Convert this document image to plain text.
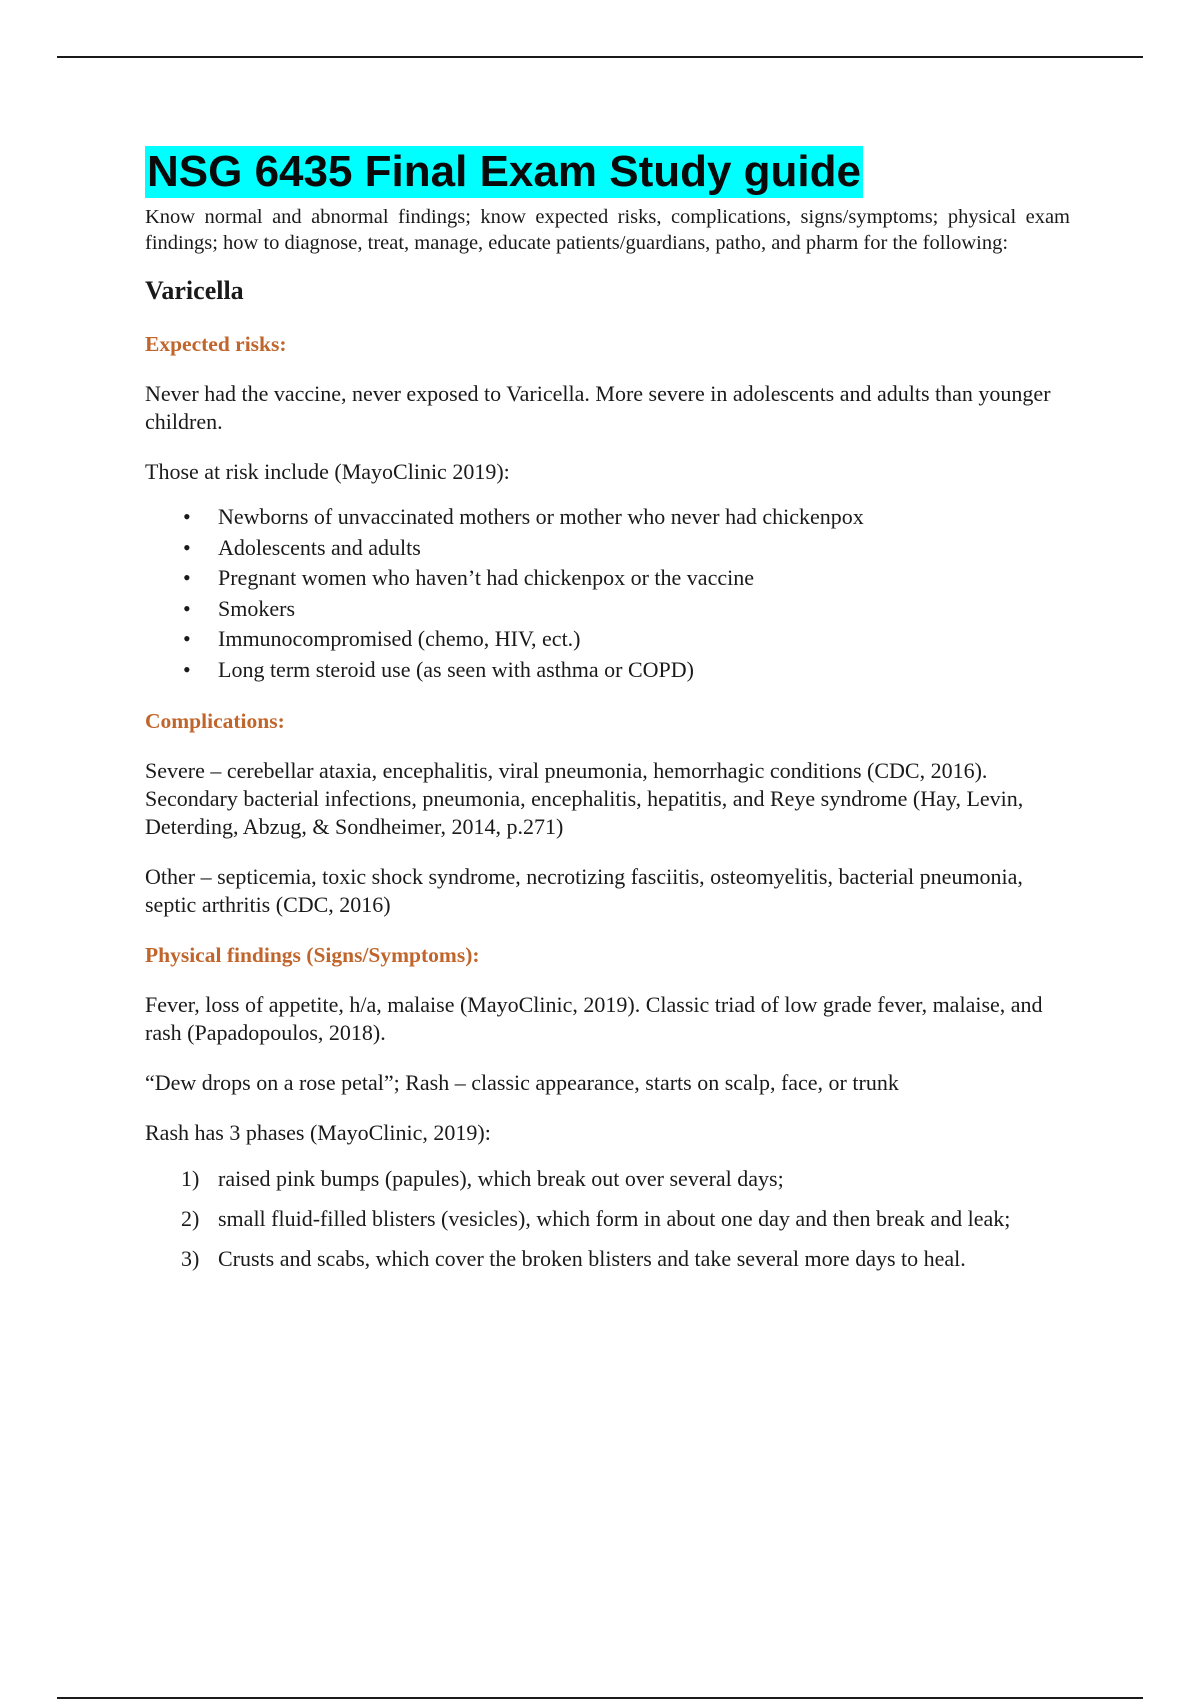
NSG 6435 Final Exam Study guide

Know normal and abnormal findings; know expected risks, complications, signs/symptoms; physical exam findings; how to diagnose, treat, manage, educate patients/guardians, patho, and pharm for the following:

Varicella
Expected risks:

Never had the vaccine, never exposed to Varicella. More severe in adolescents and adults than younger children.

Those at risk include (MayoClinic 2019):

• Newborns of unvaccinated mothers or mother who never had chickenpox
• Adolescents and adults
• Pregnant women who haven’t had chickenpox or the vaccine
• Smokers
• Immunocompromised (chemo, HIV, ect.)
• Long term steroid use (as seen with asthma or COPD)
Complications:

Severe – cerebellar ataxia, encephalitis, viral pneumonia, hemorrhagic conditions (CDC, 2016). Secondary bacterial infections, pneumonia, encephalitis, hepatitis, and Reye syndrome (Hay, Levin, Deterding, Abzug, & Sondheimer, 2014, p.271)

Other – septicemia, toxic shock syndrome, necrotizing fasciitis, osteomyelitis, bacterial pneumonia, septic arthritis (CDC, 2016)

Physical findings (Signs/Symptoms):

Fever, loss of appetite, h/a, malaise (MayoClinic, 2019). Classic triad of low grade fever, malaise, and rash (Papadopoulos, 2018).

“Dew drops on a rose petal”; Rash – classic appearance, starts on scalp, face, or trunk

Rash has 3 phases (MayoClinic, 2019):

1) raised pink bumps (papules), which break out over several days;
2) small fluid-filled blisters (vesicles), which form in about one day and then break and leak;
3) Crusts and scabs, which cover the broken blisters and take several more days to heal.
